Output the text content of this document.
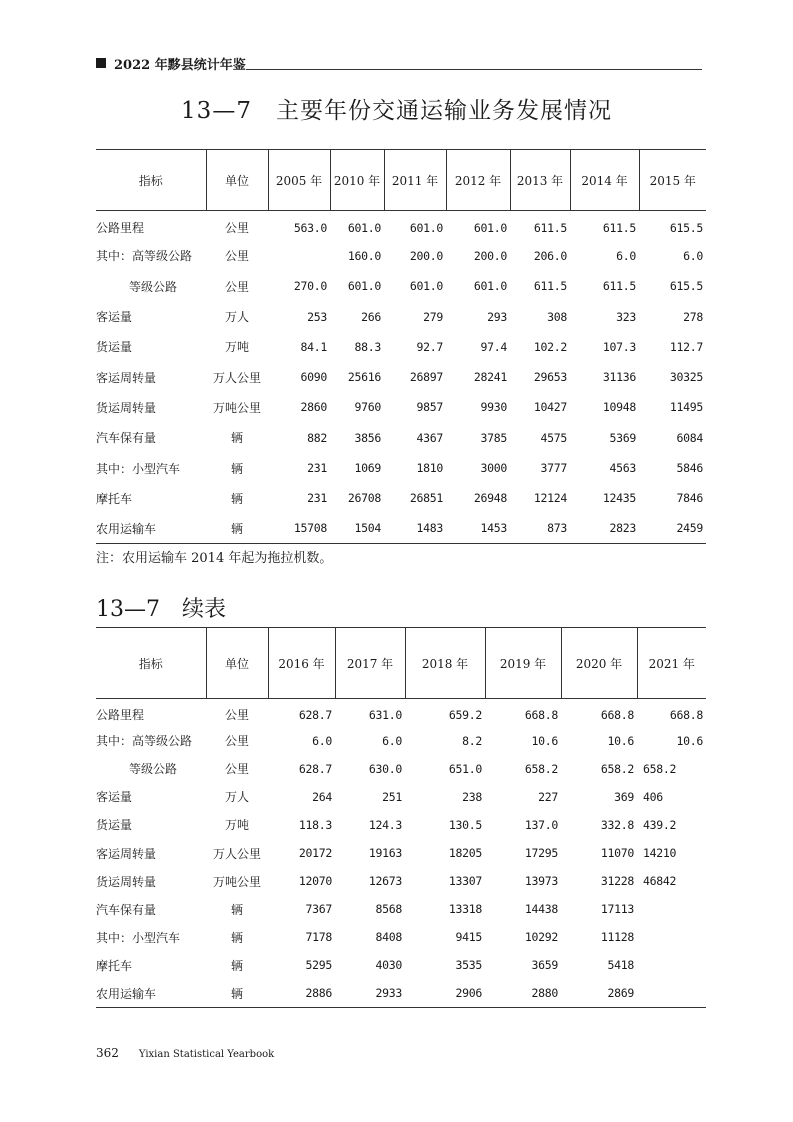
2022 年黟县统计年鉴
13—7 主要年份交通运输业务发展情况
指标	单位	2005 年	2010 年	2011 年	2012 年	2013 年	2014 年	2015 年
公路里程	公里	563.0	601.0	601.0	601.0	611.5	611.5	615.5
其中：高等级公路	公里		160.0	200.0	200.0	206.0	6.0	6.0
等级公路	公里	270.0	601.0	601.0	601.0	611.5	611.5	615.5
客运量	万人	253	266	279	293	308	323	278
货运量	万吨	84.1	88.3	92.7	97.4	102.2	107.3	112.7
客运周转量	万人公里	6090	25616	26897	28241	29653	31136	30325
货运周转量	万吨公里	2860	9760	9857	9930	10427	10948	11495
汽车保有量	辆	882	3856	4367	3785	4575	5369	6084
其中：小型汽车	辆	231	1069	1810	3000	3777	4563	5846
摩托车	辆	231	26708	26851	26948	12124	12435	7846
农用运输车	辆	15708	1504	1483	1453	873	2823	2459
注：农用运输车 2014 年起为拖拉机数。
13—7 续表
指标	单位	2016 年	2017 年	2018 年	2019 年	2020 年	2021 年
公路里程	公里	628.7	631.0	659.2	668.8	668.8	668.8
其中：高等级公路	公里	6.0	6.0	8.2	10.6	10.6	10.6
等级公路	公里	628.7	630.0	651.0	658.2	658.2	658.2
客运量	万人	264	251	238	227	369	406
货运量	万吨	118.3	124.3	130.5	137.0	332.8	439.2
客运周转量	万人公里	20172	19163	18205	17295	11070	14210
货运周转量	万吨公里	12070	12673	13307	13973	31228	46842
汽车保有量	辆	7367	8568	13318	14438	17113	
其中：小型汽车	辆	7178	8408	9415	10292	11128	
摩托车	辆	5295	4030	3535	3659	5418	
农用运输车	辆	2886	2933	2906	2880	2869	
362 Yixian Statistical Yearbook
